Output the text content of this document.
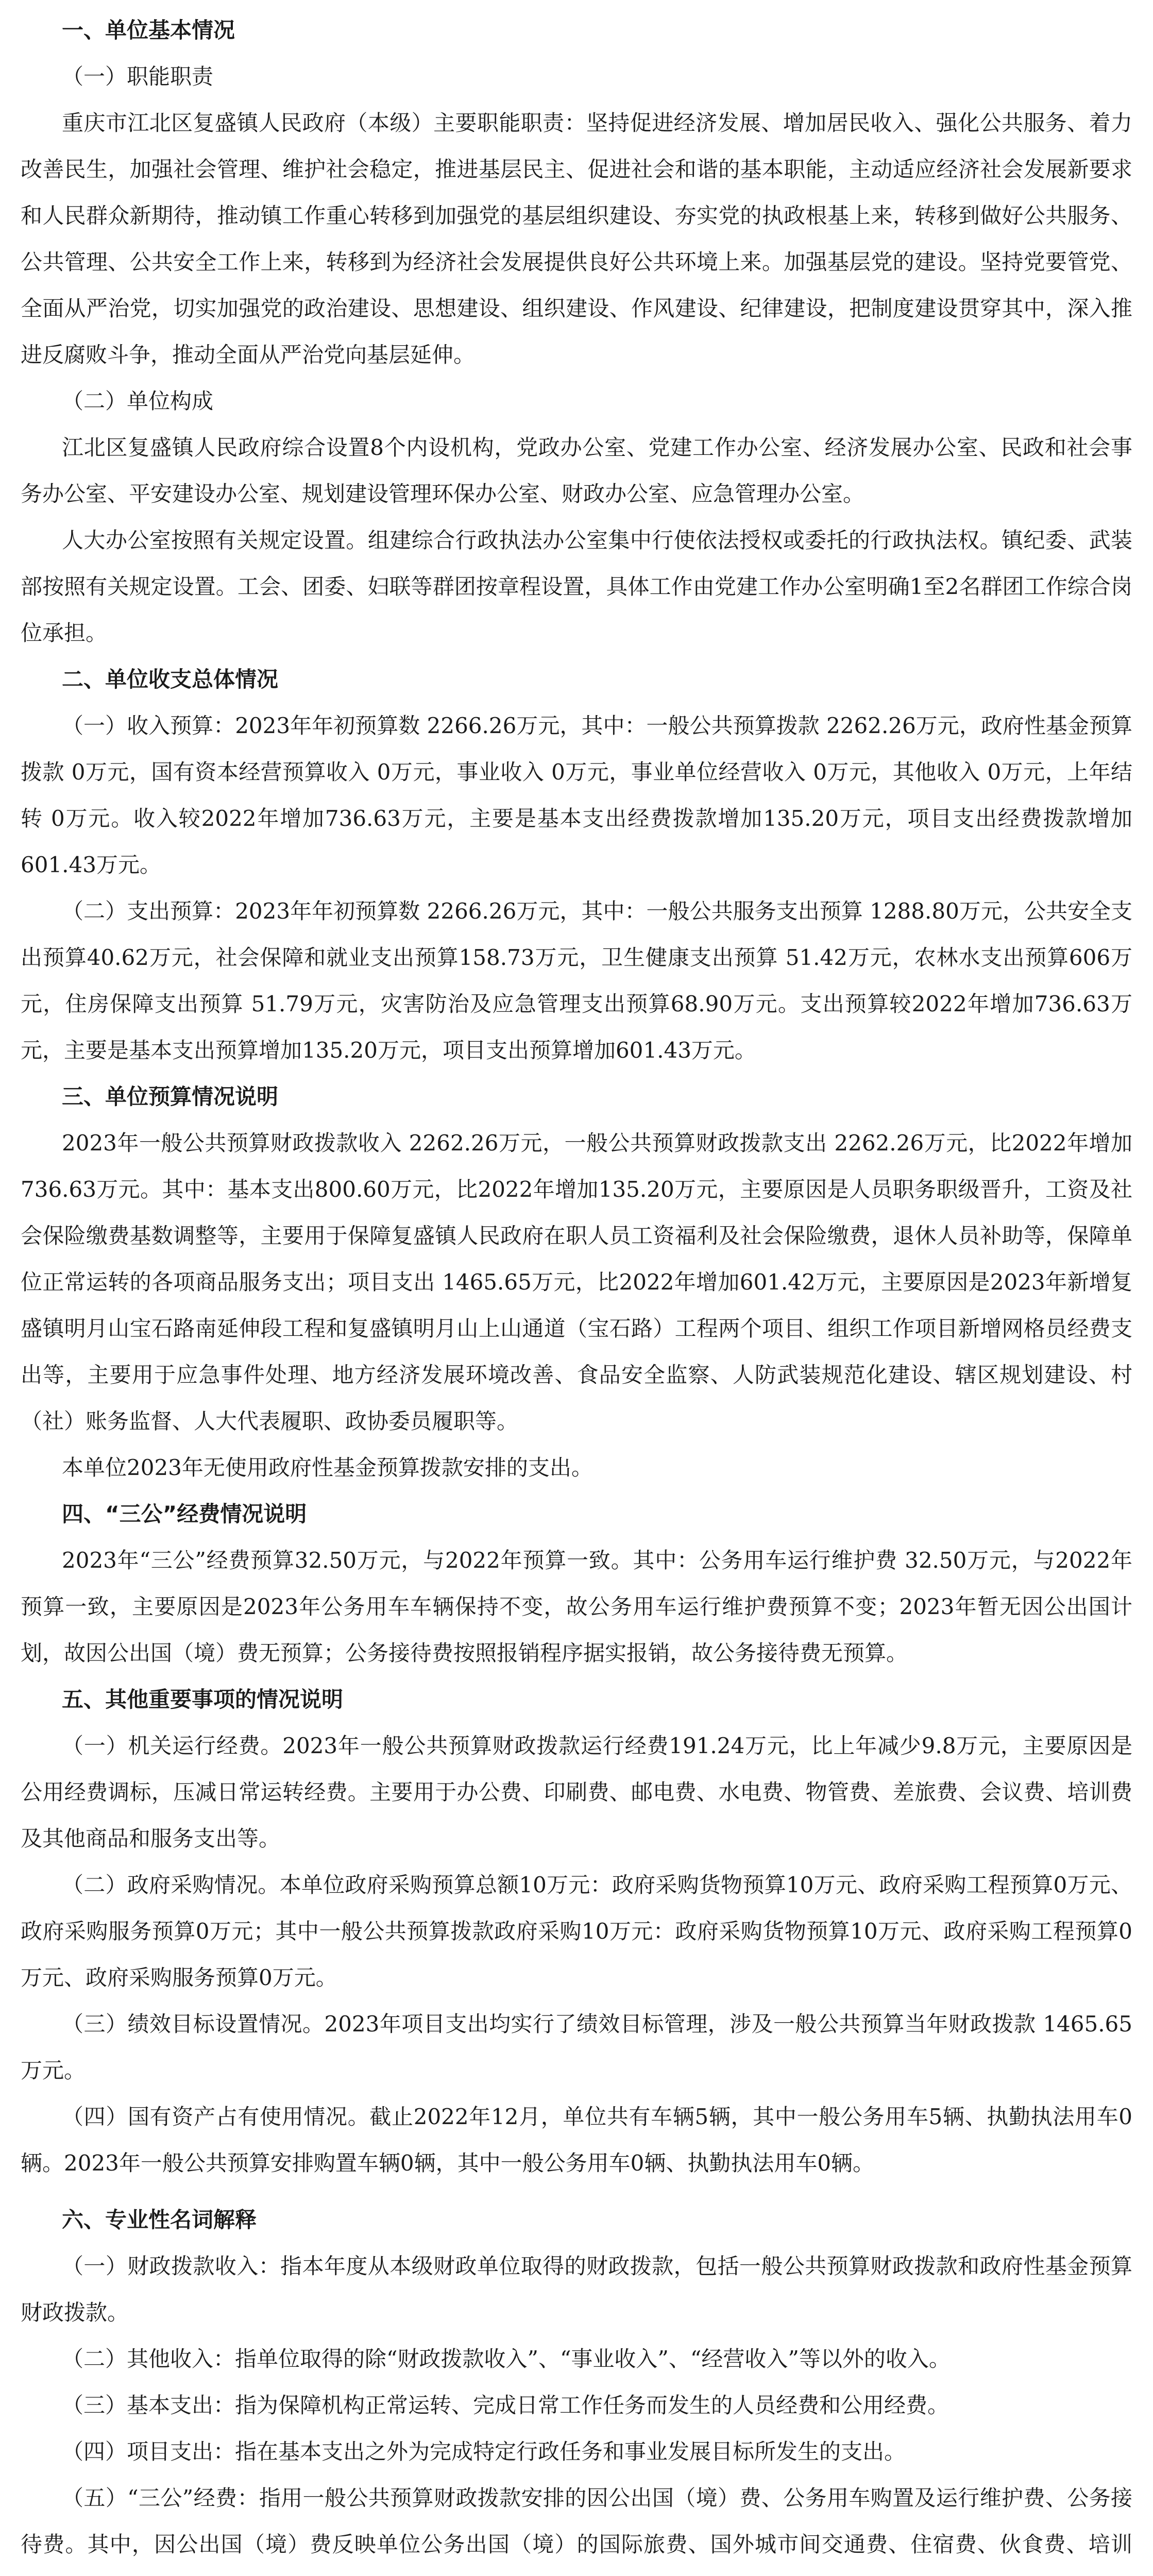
一、单位基本情况

（一）职能职责

重庆市江北区复盛镇人民政府（本级）主要职能职责：坚持促进经济发展、增加居民收入、强化公共服务、着力改善民生，加强社会管理、维护社会稳定，推进基层民主、促进社会和谐的基本职能，主动适应经济社会发展新要求和人民群众新期待，推动镇工作重心转移到加强党的基层组织建设、夯实党的执政根基上来，转移到做好公共服务、公共管理、公共安全工作上来，转移到为经济社会发展提供良好公共环境上来。加强基层党的建设。坚持党要管党、全面从严治党，切实加强党的政治建设、思想建设、组织建设、作风建设、纪律建设，把制度建设贯穿其中，深入推进反腐败斗争，推动全面从严治党向基层延伸。

（二）单位构成

江北区复盛镇人民政府综合设置8个内设机构，党政办公室、党建工作办公室、经济发展办公室、民政和社会事务办公室、平安建设办公室、规划建设管理环保办公室、财政办公室、应急管理办公室。

人大办公室按照有关规定设置。组建综合行政执法办公室集中行使依法授权或委托的行政执法权。镇纪委、武装部按照有关规定设置。工会、团委、妇联等群团按章程设置，具体工作由党建工作办公室明确1至2名群团工作综合岗位承担。

二、单位收支总体情况

（一）收入预算：2023年年初预算数 2266.26万元，其中：一般公共预算拨款 2262.26万元，政府性基金预算拨款 0万元，国有资本经营预算收入 0万元，事业收入 0万元，事业单位经营收入 0万元，其他收入 0万元，上年结转 0万元。收入较2022年增加736.63万元，主要是基本支出经费拨款增加135.20万元，项目支出经费拨款增加601.43万元。

（二）支出预算：2023年年初预算数 2266.26万元，其中：一般公共服务支出预算 1288.80万元，公共安全支出预算40.62万元，社会保障和就业支出预算158.73万元，卫生健康支出预算 51.42万元，农林水支出预算606万元，住房保障支出预算 51.79万元，灾害防治及应急管理支出预算68.90万元。支出预算较2022年增加736.63万元，主要是基本支出预算增加135.20万元，项目支出预算增加601.43万元。

三、单位预算情况说明

2023年一般公共预算财政拨款收入 2262.26万元，一般公共预算财政拨款支出 2262.26万元，比2022年增加736.63万元。其中：基本支出800.60万元，比2022年增加135.20万元，主要原因是人员职务职级晋升，工资及社会保险缴费基数调整等，主要用于保障复盛镇人民政府在职人员工资福利及社会保险缴费，退休人员补助等，保障单位正常运转的各项商品服务支出；项目支出 1465.65万元，比2022年增加601.42万元，主要原因是2023年新增复盛镇明月山宝石路南延伸段工程和复盛镇明月山上山通道（宝石路）工程两个项目、组织工作项目新增网格员经费支出等，主要用于应急事件处理、地方经济发展环境改善、食品安全监察、人防武装规范化建设、辖区规划建设、村（社）账务监督、人大代表履职、政协委员履职等。

本单位2023年无使用政府性基金预算拨款安排的支出。

四、“三公”经费情况说明

2023年“三公”经费预算32.50万元，与2022年预算一致。其中：公务用车运行维护费 32.50万元，与2022年预算一致，主要原因是2023年公务用车车辆保持不变，故公务用车运行维护费预算不变；2023年暂无因公出国计划，故因公出国（境）费无预算；公务接待费按照报销程序据实报销，故公务接待费无预算。

五、其他重要事项的情况说明

（一）机关运行经费。2023年一般公共预算财政拨款运行经费191.24万元，比上年减少9.8万元，主要原因是公用经费调标，压减日常运转经费。主要用于办公费、印刷费、邮电费、水电费、物管费、差旅费、会议费、培训费及其他商品和服务支出等。

（二）政府采购情况。本单位政府采购预算总额10万元：政府采购货物预算10万元、政府采购工程预算0万元、政府采购服务预算0万元；其中一般公共预算拨款政府采购10万元：政府采购货物预算10万元、政府采购工程预算0万元、政府采购服务预算0万元。

（三）绩效目标设置情况。2023年项目支出均实行了绩效目标管理，涉及一般公共预算当年财政拨款 1465.65万元。

（四）国有资产占有使用情况。截止2022年12月，单位共有车辆5辆，其中一般公务用车5辆、执勤执法用车0辆。2023年一般公共预算安排购置车辆0辆，其中一般公务用车0辆、执勤执法用车0辆。

六、专业性名词解释

（一）财政拨款收入：指本年度从本级财政单位取得的财政拨款，包括一般公共预算财政拨款和政府性基金预算财政拨款。

（二）其他收入：指单位取得的除“财政拨款收入”、“事业收入”、“经营收入”等以外的收入。

（三）基本支出：指为保障机构正常运转、完成日常工作任务而发生的人员经费和公用经费。

（四）项目支出：指在基本支出之外为完成特定行政任务和事业发展目标所发生的支出。

（五）“三公”经费：指用一般公共预算财政拨款安排的因公出国（境）费、公务用车购置及运行维护费、公务接待费。其中，因公出国（境）费反映单位公务出国（境）的国际旅费、国外城市间交通费、住宿费、伙食费、培训
